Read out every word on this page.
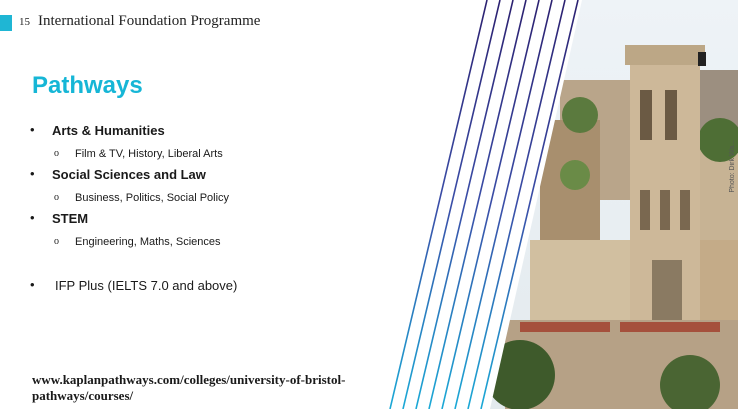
Photo: Dirk Wa...
15 International Foundation Programme
Pathways
• Arts & Humanities
o Film & TV, History, Liberal Arts
• Social Sciences and Law
o Business, Politics, Social Policy
• STEM
o Engineering, Maths, Sciences
• IFP Plus (IELTS 7.0 and above)
www.kaplanpathways.com/colleges/university-of-bristol-
pathways/courses/
